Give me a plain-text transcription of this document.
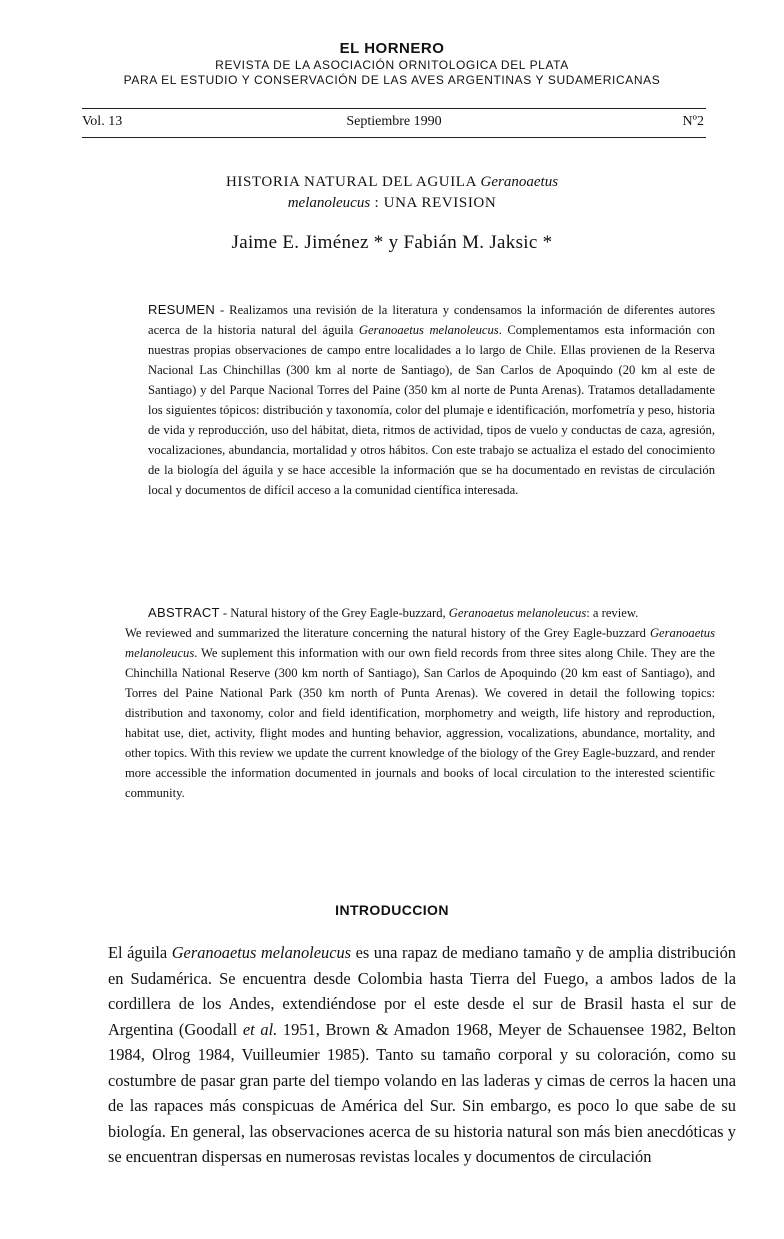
EL HORNERO
REVISTA DE LA ASOCIACIÓN ORNITOLOGICA DEL PLATA
PARA EL ESTUDIO Y CONSERVACIÓN DE LAS AVES ARGENTINAS Y SUDAMERICANAS
Vol. 13	Septiembre 1990	Nº2
HISTORIA NATURAL DEL AGUILA Geranoaetus
melanoleucus : UNA REVISION
Jaime E. Jiménez * y Fabián M. Jaksic *
RESUMEN - Realizamos una revisión de la literatura y condensamos la información de diferentes autores acerca de la historia natural del águila Geranoaetus melanoleucus. Complementamos esta información con nuestras propias observaciones de campo entre localidades a lo largo de Chile. Ellas provienen de la Reserva Nacional Las Chinchillas (300 km al norte de Santiago), de San Carlos de Apoquindo (20 km al este de Santiago) y del Parque Nacional Torres del Paine (350 km al norte de Punta Arenas). Tratamos detalladamente los siguientes tópicos: distribución y taxonomía, color del plumaje e identificación, morfometría y peso, historia de vida y reproducción, uso del hábitat, dieta, ritmos de actividad, tipos de vuelo y conductas de caza, agresión, vocalizaciones, abundancia, mortalidad y otros hábitos. Con este trabajo se actualiza el estado del conocimiento de la biología del águila y se hace accesible la información que se ha documentado en revistas de circulación local y documentos de difícil acceso a la comunidad científica interesada.
ABSTRACT - Natural history of the Grey Eagle-buzzard, Geranoaetus melanoleucus: a review.
We reviewed and summarized the literature concerning the natural history of the Grey Eagle-buzzard Geranoaetus melanoleucus. We suplement this information with our own field records from three sites along Chile. They are the Chinchilla National Reserve (300 km north of Santiago), San Carlos de Apoquindo (20 km east of Santiago), and Torres del Paine National Park (350 km north of Punta Arenas). We covered in detail the following topics: distribution and taxonomy, color and field identification, morphometry and weigth, life history and reproduction, habitat use, diet, activity, flight modes and hunting behavior, aggression, vocalizations, abundance, mortality, and other topics. With this review we update the current knowledge of the biology of the Grey Eagle-buzzard, and render more accessible the information documented in journals and books of local circulation to the interested scientific community.
INTRODUCCION
El águila Geranoaetus melanoleucus es una rapaz de mediano tamaño y de amplia distribución en Sudamérica. Se encuentra desde Colombia hasta Tierra del Fuego, a ambos lados de la cordillera de los Andes, extendiéndose por el este desde el sur de Brasil hasta el sur de Argentina (Goodall et al. 1951, Brown & Amadon 1968, Meyer de Schauensee 1982, Belton 1984, Olrog 1984, Vuilleumier 1985). Tanto su tamaño corporal y su coloración, como su costumbre de pasar gran parte del tiempo volando en las laderas y cimas de cerros la hacen una de las rapaces más conspicuas de América del Sur. Sin embargo, es poco lo que sabe de su biología. En general, las observaciones acerca de su historia natural son más bien anecdóticas y se encuentran dispersas en numerosas revistas locales y documentos de circulación
